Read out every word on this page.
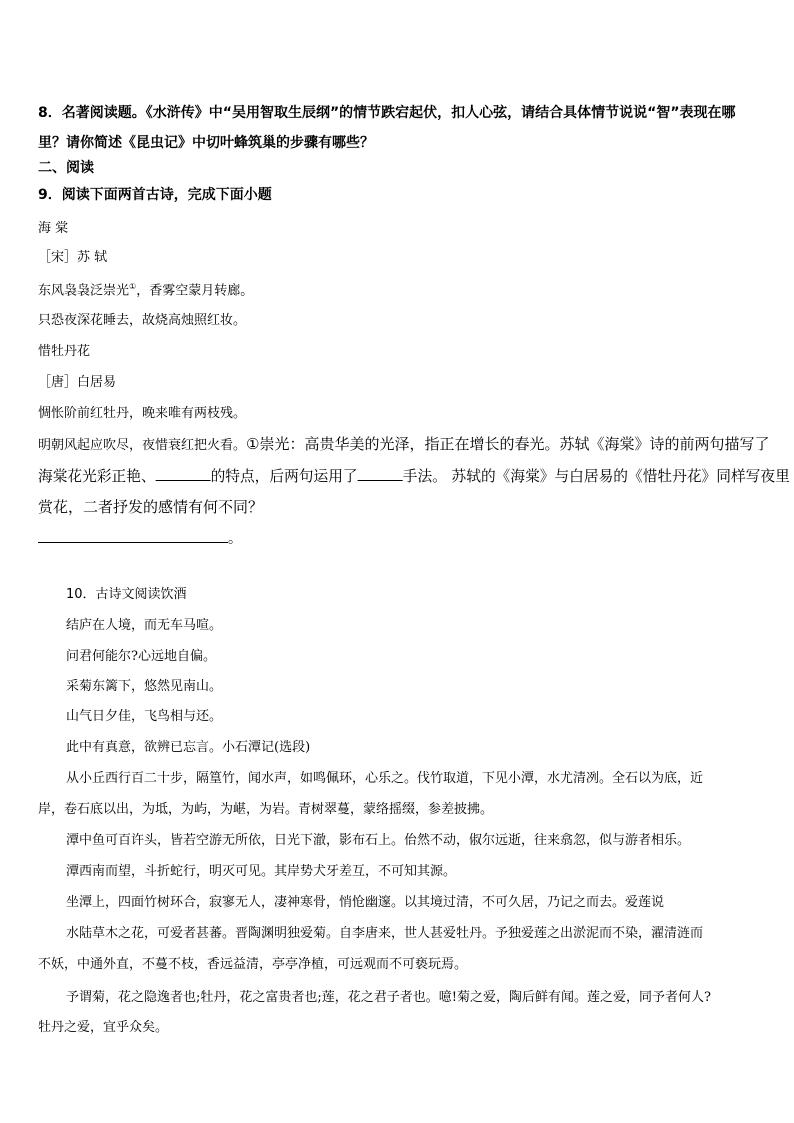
8．名著阅读题。《水浒传》中“吴用智取生辰纲”的情节跌宕起伏，扣人心弦，请结合具体情节说说“智”表现在哪
里？请你简述《昆虫记》中切叶蜂筑巢的步骤有哪些？
二、阅读
9．阅读下面两首古诗，完成下面小题
海 棠
［宋］苏 轼
东风袅袅泛崇光①，香雾空蒙月转廊。
只恐夜深花睡去，故烧高烛照红妆。
惜牡丹花
［唐］白居易
惆怅阶前红牡丹，晚来唯有两枝残。
明朝风起应吹尽，夜惜衰红把火看。①崇光：高贵华美的光泽，指正在增长的春光。苏轼《海棠》诗的前两句描写了
海棠花光彩正艳、	的特点，后两句运用了	手法。 苏轼的《海棠》与白居易的《惜牡丹花》同样写夜里
赏花，二者抒发的感情有何不同？
。
10．古诗文阅读饮酒
结庐在人境，而无车马喧。
问君何能尔?心远地自偏。
采菊东篱下，悠然见南山。
山气日夕佳，飞鸟相与还。
此中有真意，欲辨已忘言。小石潭记(选段)
从小丘西行百二十步，隔篁竹，闻水声，如鸣佩环，心乐之。伐竹取道，下见小潭，水尤清冽。全石以为底，近
岸，卷石底以出，为坻，为屿，为嵁，为岩。青树翠蔓，蒙络摇缀，参差披拂。
潭中鱼可百许头，皆若空游无所依，日光下澈，影布石上。佁然不动，俶尔远逝，往来翕忽，似与游者相乐。
潭西南而望，斗折蛇行，明灭可见。其岸势犬牙差互，不可知其源。
坐潭上，四面竹树环合，寂寥无人，凄神寒骨，悄怆幽邃。以其境过清，不可久居，乃记之而去。爱莲说
水陆草木之花，可爱者甚蕃。晋陶渊明独爱菊。自李唐来，世人甚爱牡丹。予独爱莲之出淤泥而不染，濯清涟而
不妖，中通外直，不蔓不枝，香远益清，亭亭净植，可远观而不可亵玩焉。
予谓菊，花之隐逸者也;牡丹，花之富贵者也;莲，花之君子者也。噫!菊之爱，陶后鲜有闻。莲之爱，同予者何人?
牡丹之爱，宜乎众矣。
